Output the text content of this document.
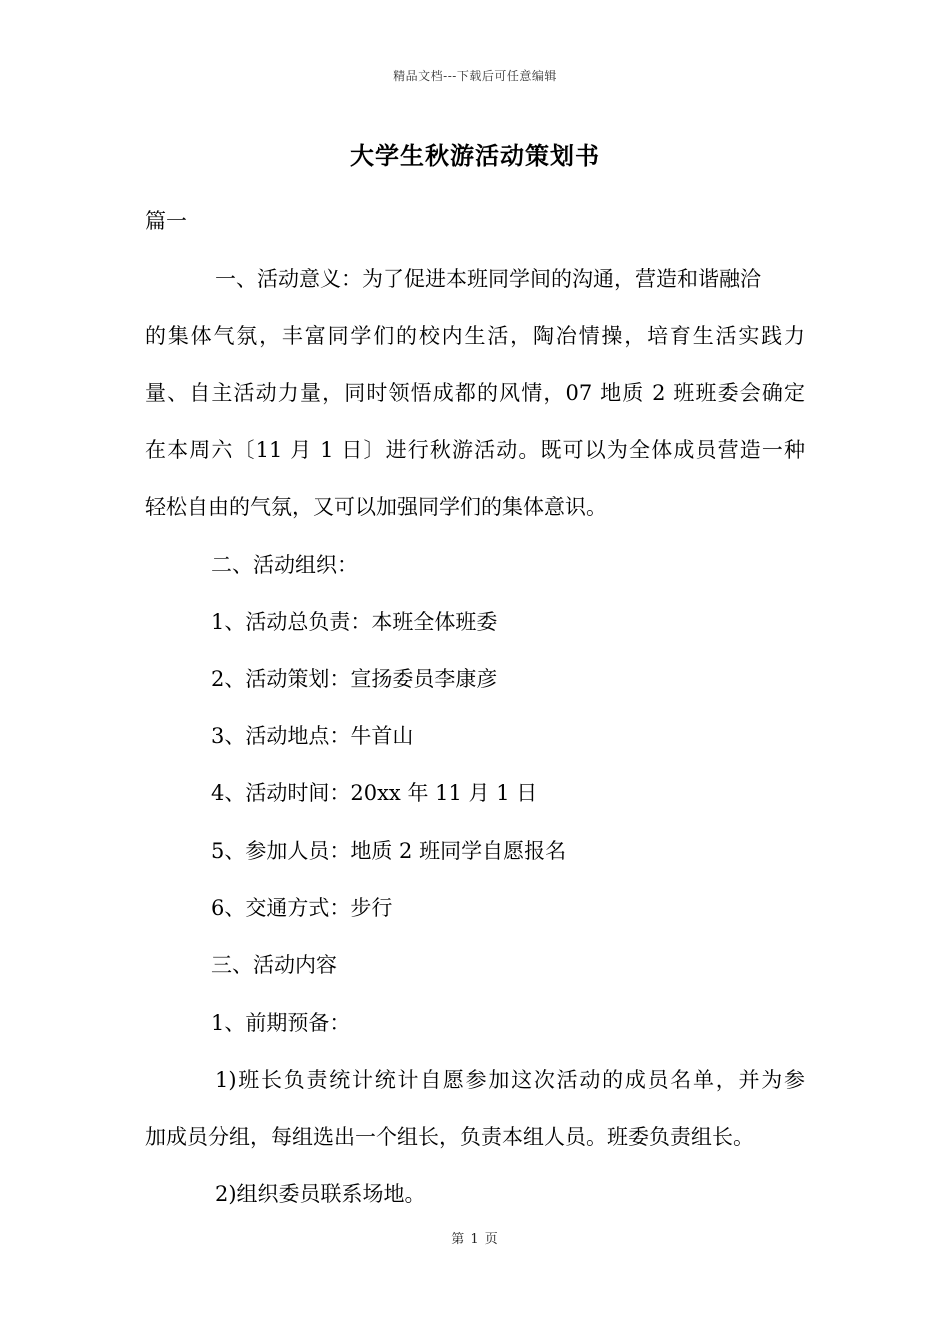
精品文档---下载后可任意编辑
大学生秋游活动策划书
篇一
一、活动意义：为了促进本班同学间的沟通，营造和谐融洽
的集体气氛，丰富同学们的校内生活，陶冶情操，培育生活实践力
量、自主活动力量，同时领悟成都的风情，07 地质 2 班班委会确定
在本周六〔11 月 1 日〕进行秋游活动。既可以为全体成员营造一种
轻松自由的气氛，又可以加强同学们的集体意识。
二、活动组织：
1、活动总负责：本班全体班委
2、活动策划：宣扬委员李康彦
3、活动地点：牛首山
4、活动时间：20xx 年 11 月 1 日
5、参加人员：地质 2 班同学自愿报名
6、交通方式：步行
三、活动内容
1、前期预备：
1)班长负责统计统计自愿参加这次活动的成员名单，并为参
加成员分组，每组选出一个组长，负责本组人员。班委负责组长。
2)组织委员联系场地。
第 1 页
